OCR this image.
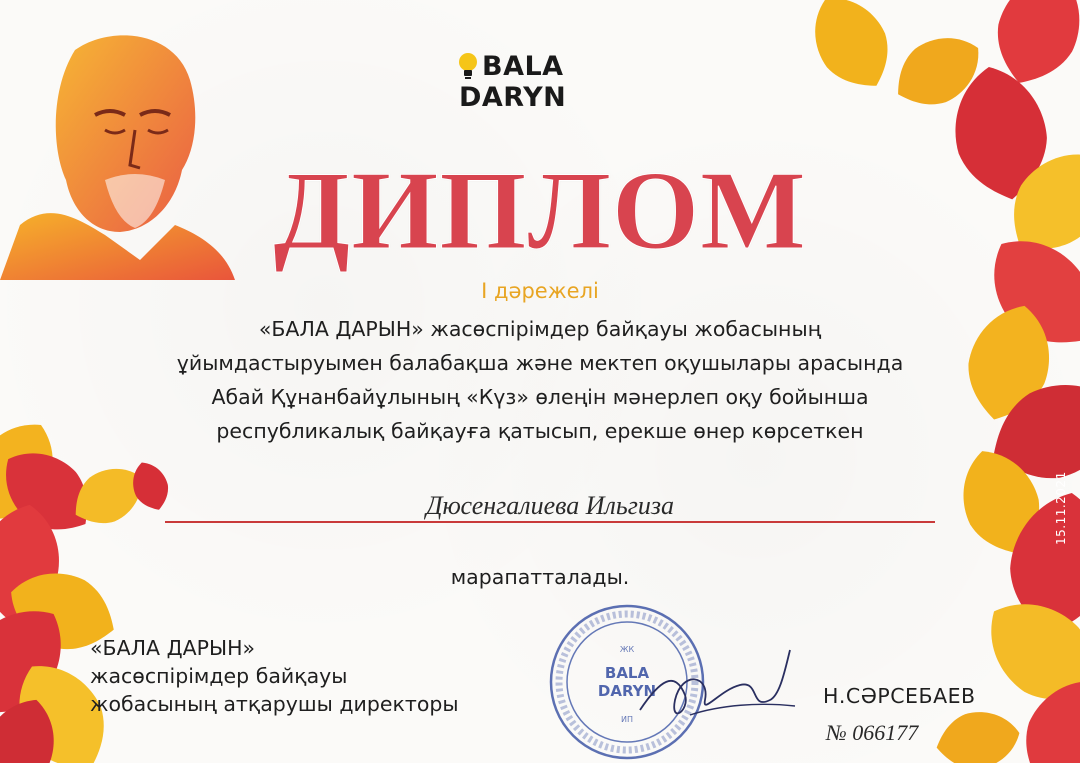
BALA
DARYN
ДИПЛОМ
І дәрежелі
«БАЛА ДАРЫН» жасөспірімдер байқауы жобасының
ұйымдастыруымен балабақша және мектеп оқушылары арасында
Абай Құнанбайұлының «Күз» өлеңін мәнерлеп оқу бойынша
республикалық байқауға қатысып, ерекше өнер көрсеткен
Дюсенгалиева Ильгиза
марапатталады.
«БАЛА ДАРЫН»
жасөспірімдер байқауы
жобасының атқарушы директоры
BALA
DARYN
ЖК
ИП
Н.СӘРСЕБАЕВ
№ 066177
15.11.2021
